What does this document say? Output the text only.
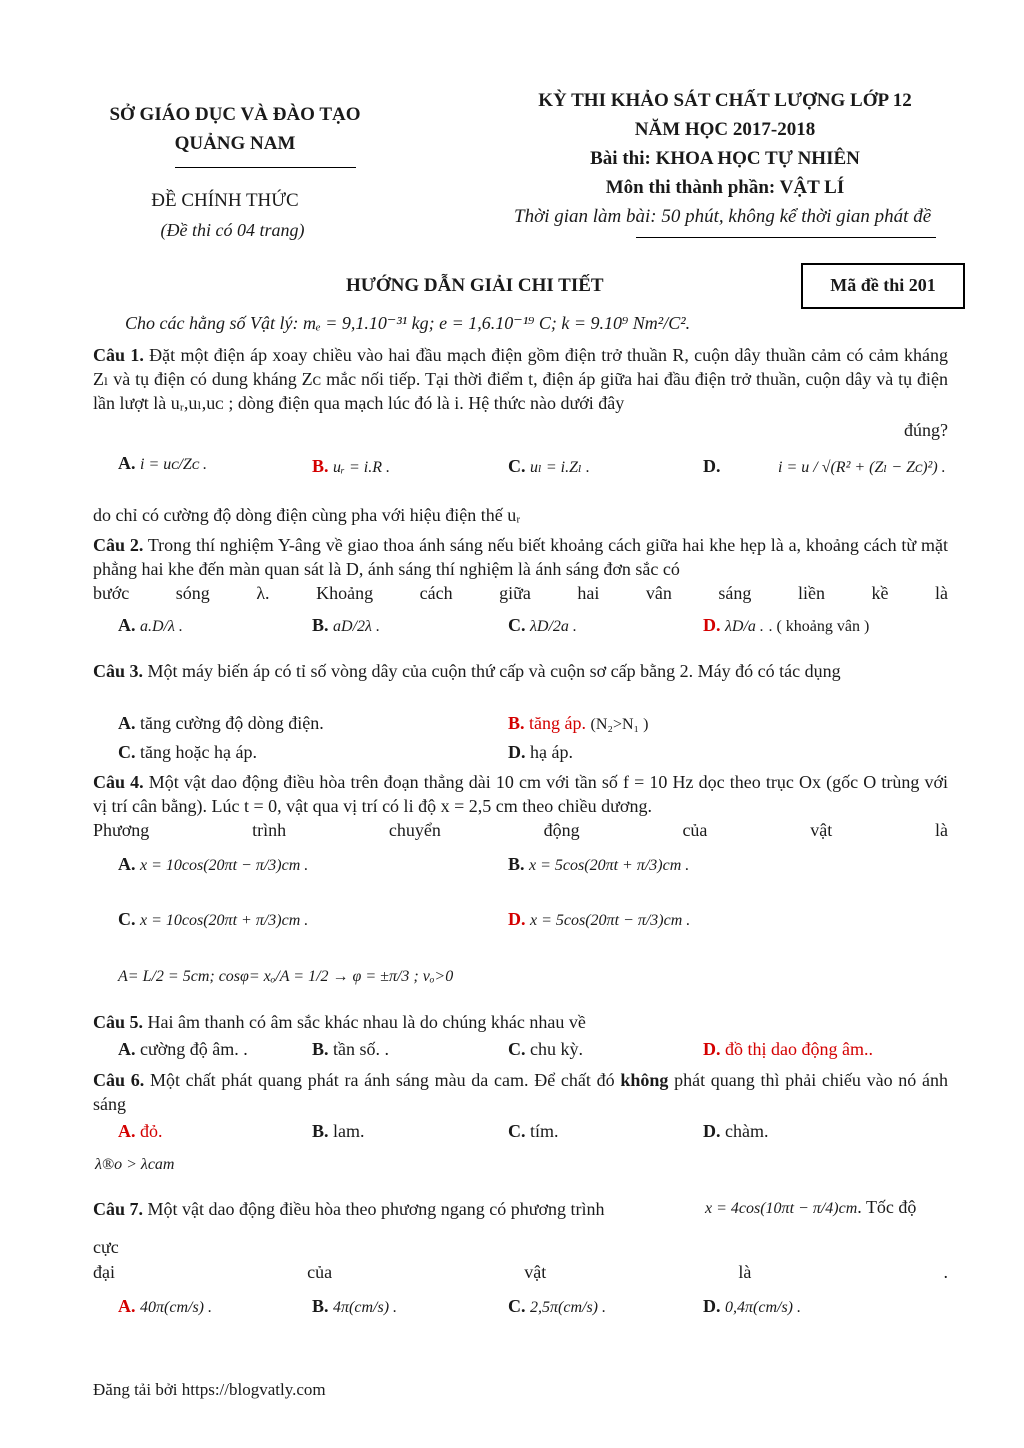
SỞ GIÁO DỤC VÀ ĐÀO TẠO
QUẢNG NAM
ĐỀ CHÍNH THỨC
(Đề thi có 04 trang)
KỲ THI KHẢO SÁT CHẤT LƯỢNG LỚP 12
NĂM HỌC 2017-2018
Bài thi: KHOA HỌC TỰ NHIÊN
Môn thi thành phần: VẬT LÍ
Thời gian làm bài: 50 phút, không kể thời gian phát đề
HƯỚNG DẪN GIẢI CHI TIẾT	Mã đề thi 201
Cho các hằng số Vật lý: mₑ = 9,1.10⁻³¹ kg; e = 1,6.10⁻¹⁹ C; k = 9.10⁹ Nm²/C².
Câu 1. Đặt một điện áp xoay chiều vào hai đầu mạch điện gồm điện trở thuần R, cuộn dây thuần cảm có cảm kháng Zₗ và tụ điện có dung kháng Zᴄ mắc nối tiếp. Tại thời điểm t, điện áp giữa hai đầu điện trở thuần, cuộn dây và tụ điện lần lượt là uᵣ,uₗ,uᴄ ; dòng điện qua mạch lúc đó là i. Hệ thức nào dưới đây
đúng?
A. i = uᴄ/Zᴄ .	B. uᵣ = i.R .	C. uₗ = i.Zₗ .	D.	i = u / √(R² + (Zₗ − Zᴄ)²) .
do chỉ có cường độ dòng điện cùng pha với hiệu điện thế uᵣ
Câu 2. Trong thí nghiệm Y-âng về giao thoa ánh sáng nếu biết khoảng cách giữa hai khe hẹp là a, khoảng cách từ mặt phẳng hai khe đến màn quan sát là D, ánh sáng thí nghiệm là ánh sáng đơn sắc có
bước sóng λ. Khoảng cách giữa hai vân sáng liền kề là
A. a.D/λ .	B. aD/2λ .	C. λD/2a .	D. λD/a . . ( khoảng vân )
Câu 3. Một máy biến áp có tỉ số vòng dây của cuộn thứ cấp và cuộn sơ cấp bằng 2. Máy đó có tác dụng
A. tăng cường độ dòng điện.	B. tăng áp. (N₂>N₁ )
C. tăng hoặc hạ áp.	D. hạ áp.
Câu 4. Một vật dao động điều hòa trên đoạn thẳng dài 10 cm với tần số f = 10 Hz dọc theo trục Ox (gốc O trùng với vị trí cân bằng). Lúc t = 0, vật qua vị trí có li độ x = 2,5 cm theo chiều dương.
Phương trình chuyển động của vật là
A. x = 10cos(20πt − π/3)cm .	B. x = 5cos(20πt + π/3)cm .
C. x = 10cos(20πt + π/3)cm .	D. x = 5cos(20πt − π/3)cm .
A= L/2 = 5cm; cosφ= xₒ/A = 1/2 → φ = ±π/3 ; vₒ>0
Câu 5. Hai âm thanh có âm sắc khác nhau là do chúng khác nhau về
A. cường độ âm. .	B. tần số. .	C. chu kỳ.	D. đồ thị dao động âm..
Câu 6. Một chất phát quang phát ra ánh sáng màu da cam. Để chất đó không phát quang thì phải chiếu vào nó ánh sáng
A. đỏ.	B. lam.	C. tím.	D. chàm.
λ®o > λcam
Câu 7. Một vật dao động điều hòa theo phương ngang có phương trình	x = 4cos(10πt − π/4)cm. Tốc độ
cực
đại của vật là .
A. 40π(cm/s) .	B. 4π(cm/s) .	C. 2,5π(cm/s) .	D. 0,4π(cm/s) .
Đăng tải bởi https://blogvatly.com
